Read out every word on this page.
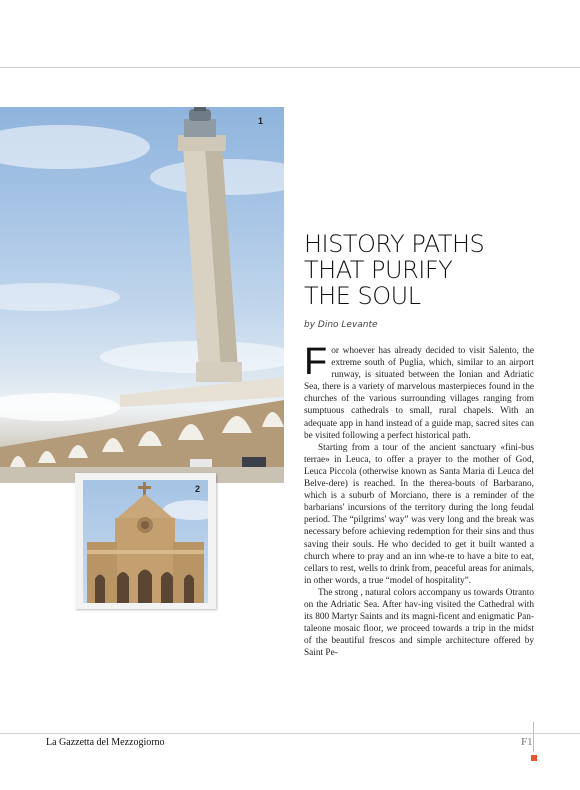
1
2
HISTORY PATHS
THAT PURIFY
THE SOUL
by Dino Levante

For whoever has already decided to visit Salento, the extreme south of Puglia, which, similar to an airport runway, is situated between the Ionian and Adriatic Sea, there is a variety of marvelous masterpieces found in the churches of the various surrounding villages ranging from sumptuous cathedrals to small, rural chapels. With an adequate app in hand instead of a guide map, sacred sites can be visited following a perfect historical path.

Starting from a tour of the ancient sanctuary «fini-bus terrae» in Leuca, to offer a prayer to the mother of God, Leuca Piccola (otherwise known as Santa Maria di Leuca del Belve-dere) is reached. In the therea-bouts of Barbarano, which is a suburb of Morciano, there is a reminder of the barbarians' incursions of the territory during the long feudal period. The “pilgrims' way” was very long and the break was necessary before achieving redemption for their sins and thus saving their souls. He who decided to get it built wanted a church where to pray and an inn whe-re to have a bite to eat, cellars to rest, wells to drink from, peaceful areas for animals, in other words, a true “model of hospitality”.

The strong , natural colors accompany us towards Otranto on the Adriatic Sea. After hav-ing visited the Cathedral with its 800 Martyr Saints and its magni-ficent and enigmatic Pan-taleone mosaic floor, we proceed towards a trip in the midst of the beautiful frescos and simple architecture offered by Saint Pe-

La Gazzetta del Mezzogiorno	F1
